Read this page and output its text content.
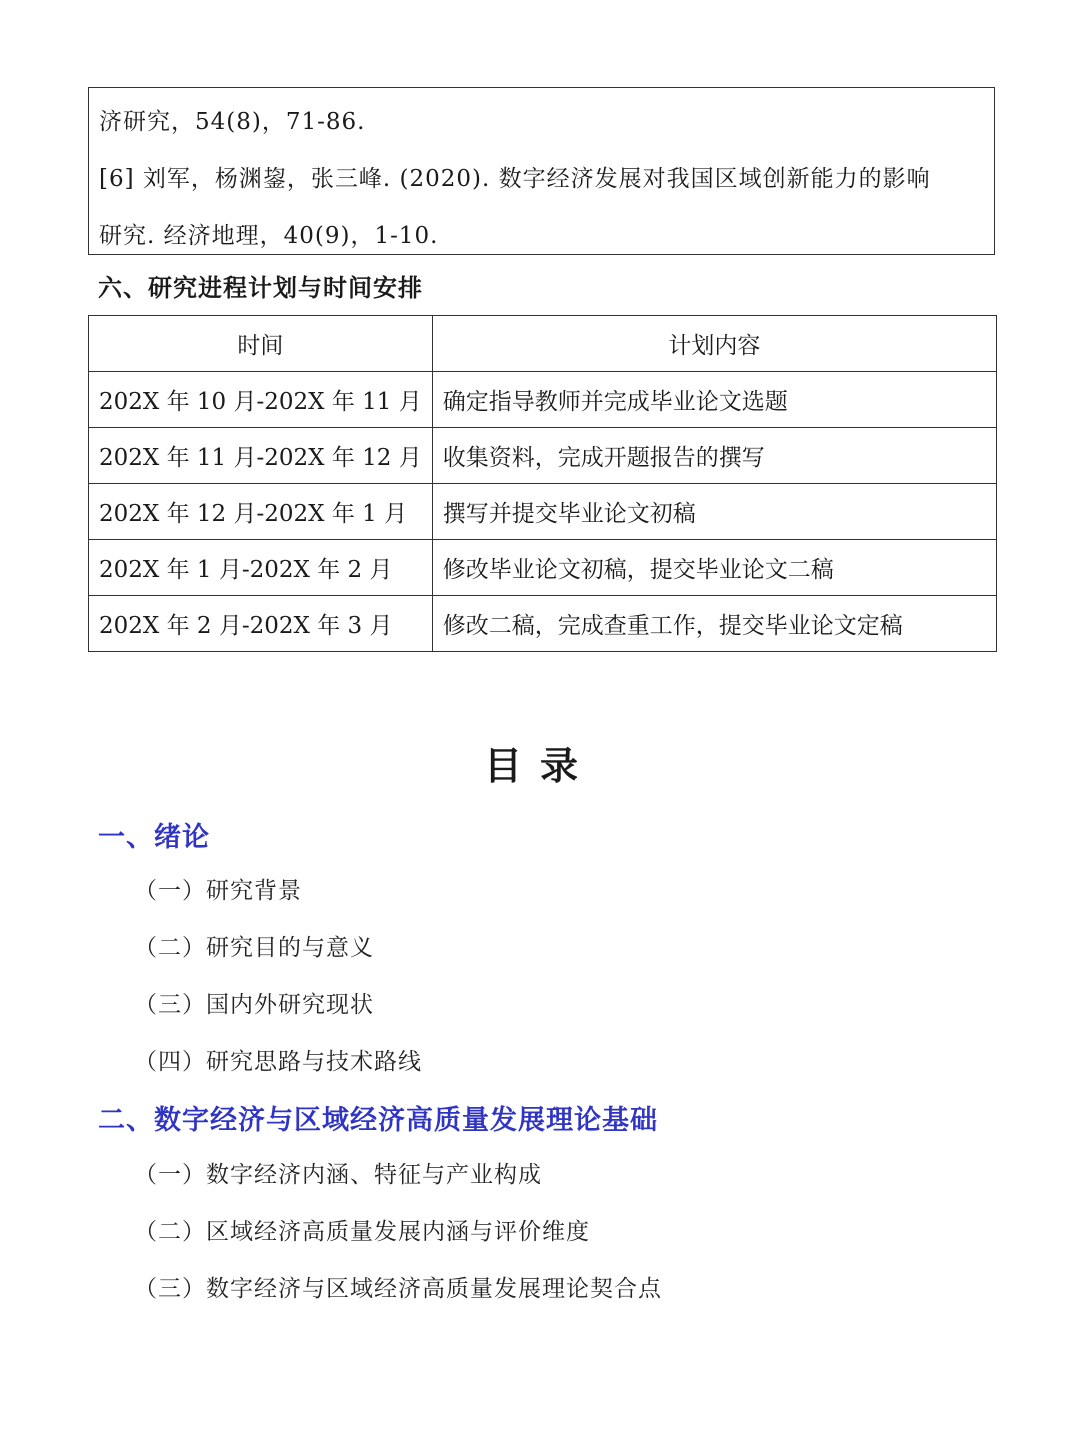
济研究，54(8)，71-86.
[6] 刘军，杨渊鋆，张三峰. (2020). 数字经济发展对我国区域创新能力的影响
研究. 经济地理，40(9)，1-10.
六、研究进程计划与时间安排
时间	计划内容
202X 年 10 月-202X 年 11 月	确定指导教师并完成毕业论文选题
202X 年 11 月-202X 年 12 月	收集资料，完成开题报告的撰写
202X 年 12 月-202X 年 1 月	撰写并提交毕业论文初稿
202X 年 1 月-202X 年 2 月	修改毕业论文初稿，提交毕业论文二稿
202X 年 2 月-202X 年 3 月	修改二稿，完成查重工作，提交毕业论文定稿
目录
一、绪论
（一）研究背景
（二）研究目的与意义
（三）国内外研究现状
（四）研究思路与技术路线
二、数字经济与区域经济高质量发展理论基础
（一）数字经济内涵、特征与产业构成
（二）区域经济高质量发展内涵与评价维度
（三）数字经济与区域经济高质量发展理论契合点
